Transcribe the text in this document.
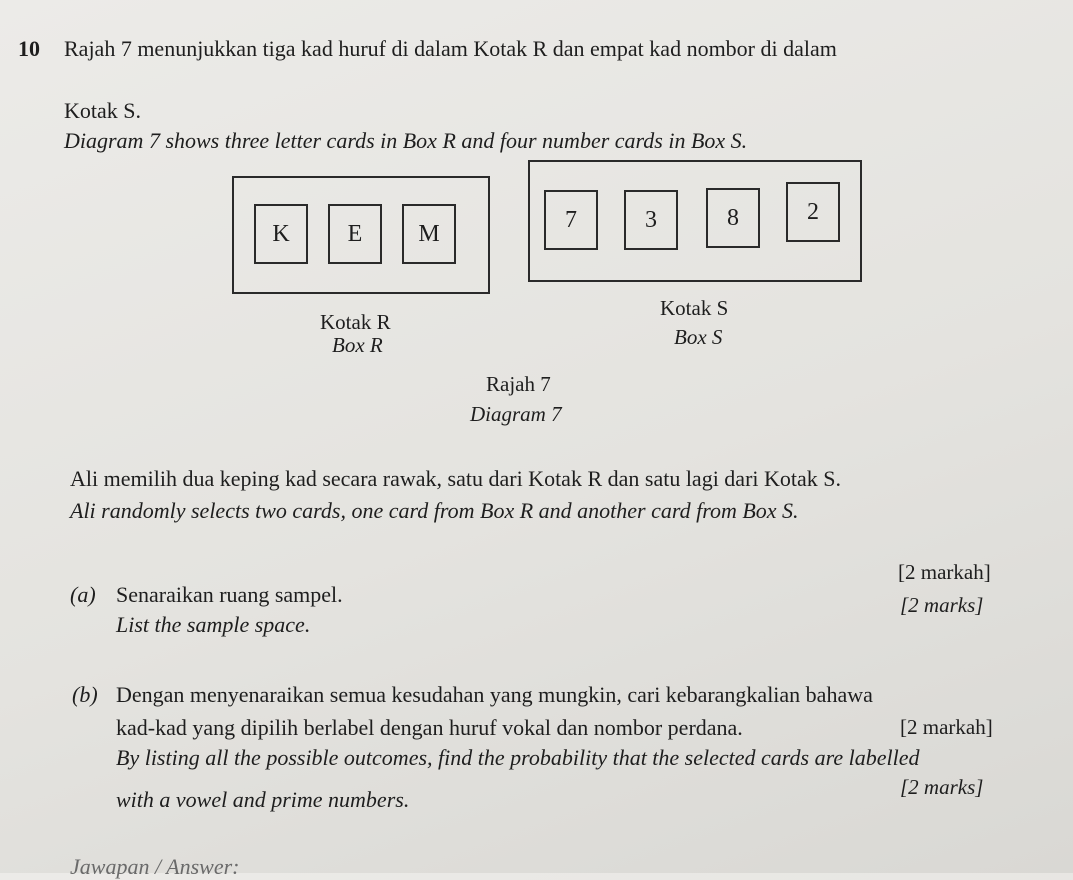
10 Rajah 7 menunjukkan tiga kad huruf di dalam Kotak R dan empat kad nombor di dalam
Kotak S.
Diagram 7 shows three letter cards in Box R and four number cards in Box S.
K	E	M
7	3	8	2
Kotak R
Box R
Kotak S
Box S
Rajah 7
Diagram 7
Ali memilih dua keping kad secara rawak, satu dari Kotak R dan satu lagi dari Kotak S.
Ali randomly selects two cards, one card from Box R and another card from Box S.
[2 markah]
(a) Senaraikan ruang sampel.	[2 marks]
List the sample space.
(b) Dengan menyenaraikan semua kesudahan yang mungkin, cari kebarangkalian bahawa
kad-kad yang dipilih berlabel dengan huruf vokal dan nombor perdana.	[2 markah]
By listing all the possible outcomes, find the probability that the selected cards are labelled
[2 marks]
with a vowel and prime numbers.
Jawapan / Answer:
